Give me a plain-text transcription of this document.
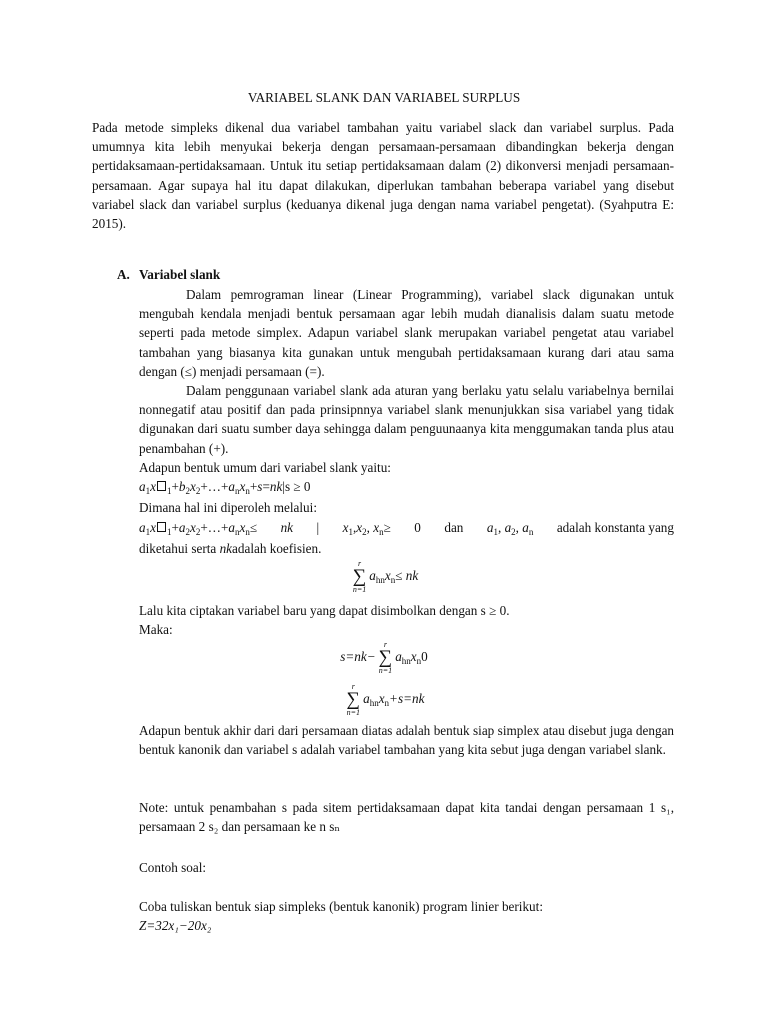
VARIABEL SLANK DAN VARIABEL SURPLUS

Pada metode simpleks dikenal dua variabel tambahan yaitu variabel slack dan variabel surplus. Pada umumnya kita lebih menyukai bekerja dengan persamaan-persamaan dibandingkan bekerja dengan pertidaksamaan-pertidaksamaan. Untuk itu setiap pertidaksamaan dalam (2) dikonversi menjadi persamaan-persamaan. Agar supaya hal itu dapat dilakukan, diperlukan tambahan beberapa variabel yang disebut variabel slack dan variabel surplus (keduanya dikenal juga dengan nama variabel pengetat). (Syahputra E: 2015).

A. Variabel slank

Dalam pemrograman linear (Linear Programming), variabel slack digunakan untuk mengubah kendala menjadi bentuk persamaan agar lebih mudah dianalisis dalam suatu metode seperti pada metode simplex. Adapun variabel slank merupakan variabel pengetat atau variabel tambahan yang biasanya kita gunakan untuk mengubah pertidaksamaan kurang dari atau sama dengan (≤) menjadi persamaan (=).

Dalam penggunaan variabel slank ada aturan yang berlaku yatu selalu variabelnya bernilai nonnegatif atau positif dan pada prinsipnnya variabel slank menunjukkan sisa variabel yang tidak digunakan dari suatu sumber daya sehingga dalam penguunaanya kita menggumakan tanda plus atau penambahan (+).

Adapun bentuk umum dari variabel slank yaitu:
$a_1x$ $_1+b_2x_2+\dots+a_nx_n+s=nk|s \ge 0$
Dimana hal ini diperoleh melalui:
$a_1x$ $_1+a_2x_2+\dots+a_nx_n\le$ nk | $x_1,x_2$, $x_n\ge 0$ dan $a_1$, $a_2$, $a_n$ adalah konstanta yang
diketahui serta nkadalah koefisien.
r
∑
n=1
$a_{hn}x_n\le$ nk
Lalu kita ciptakan variabel baru yang dapat disimbolkan dengan s ≥ 0.
Maka:
s=nk−
r
∑
n=1
$a_{hn}x_n0$
r
∑
n=1
$a_{hn}x_n+s=nk$

Adapun bentuk akhir dari dari persamaan diatas adalah bentuk siap simplex atau disebut juga dengan bentuk kanonik dan variabel s adalah variabel tambahan yang kita sebut juga dengan variabel slank.

Note: untuk penambahan s pada sitem pertidaksamaan dapat kita tandai dengan persamaan 1 s₁, persamaan 2 s₂ dan persamaan ke n sₙ

Contoh soal:
Coba tuliskan bentuk siap simpleks (bentuk kanonik) program linier berikut:
Z=32x₁−20x₂
